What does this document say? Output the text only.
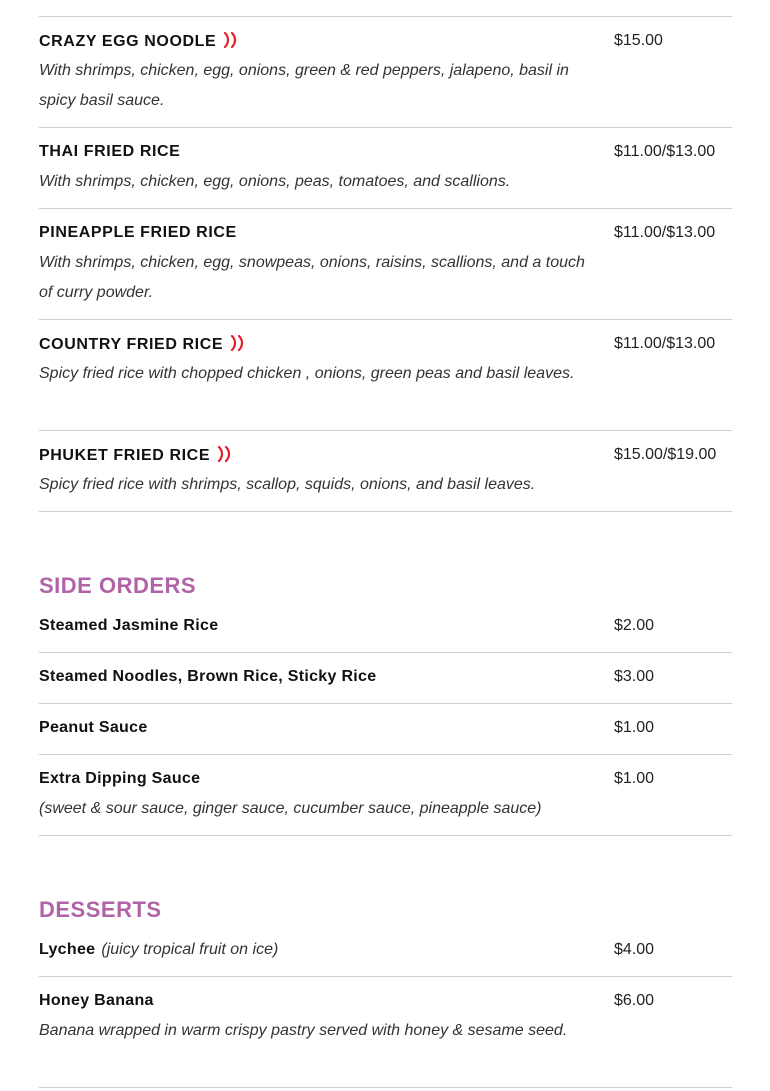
CRAZY EGG NOODLE	$15.00
With shrimps, chicken, egg, onions, green & red peppers, jalapeno, basil in spicy basil sauce.
THAI FRIED RICE	$11.00/$13.00
With shrimps, chicken, egg, onions, peas, tomatoes, and scallions.
PINEAPPLE FRIED RICE	$11.00/$13.00
With shrimps, chicken, egg, snowpeas, onions, raisins, scallions, and a touch of curry powder.
COUNTRY FRIED RICE	$11.00/$13.00
Spicy fried rice with chopped chicken , onions, green peas and basil leaves.
PHUKET FRIED RICE	$15.00/$19.00
Spicy fried rice with shrimps, scallop, squids, onions, and basil leaves.
SIDE ORDERS
Steamed Jasmine Rice	$2.00
Steamed Noodles, Brown Rice, Sticky Rice	$3.00
Peanut Sauce	$1.00
Extra Dipping Sauce	$1.00
(sweet & sour sauce, ginger sauce, cucumber sauce, pineapple sauce)
DESSERTS
Lychee (juicy tropical fruit on ice)	$4.00
Honey Banana	$6.00
Banana wrapped in warm crispy pastry served with honey & sesame seed.
